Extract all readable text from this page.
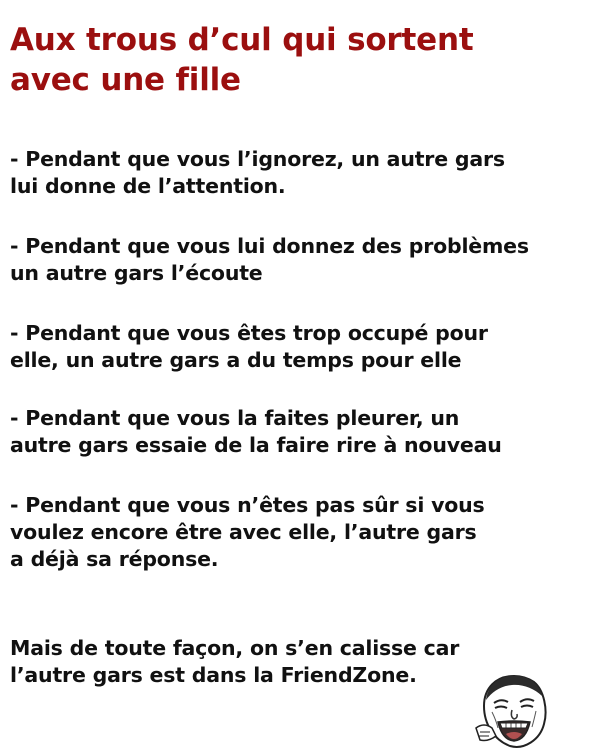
Aux trous d’cul qui sortent
avec une fille

- Pendant que vous l’ignorez, un autre gars
lui donne de l’attention.

- Pendant que vous lui donnez des problèmes
un autre gars l’écoute

- Pendant que vous êtes trop occupé pour
elle, un autre gars a du temps pour elle

- Pendant que vous la faites pleurer, un
autre gars essaie de la faire rire à nouveau

- Pendant que vous n’êtes pas sûr si vous
voulez encore être avec elle, l’autre gars
a déjà sa réponse.

Mais de toute façon, on s’en calisse car
l’autre gars est dans la FriendZone.
